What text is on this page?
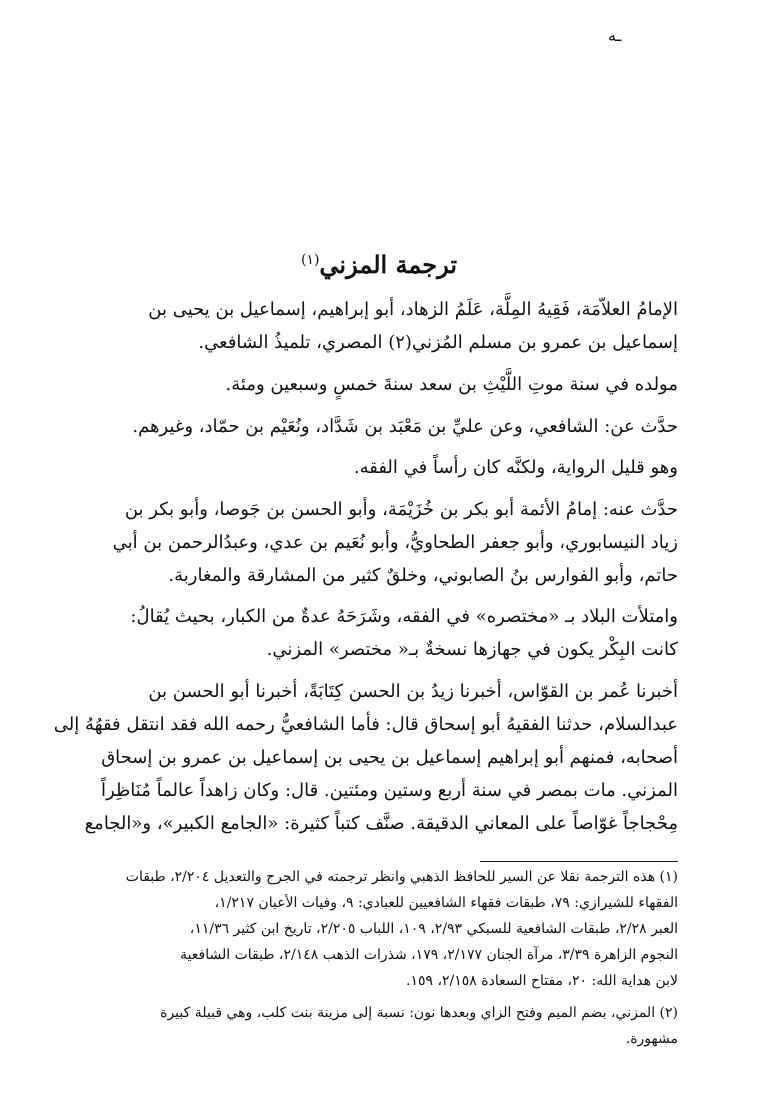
ـه
ترجمة المزني$^{(١)}$
الإمامُ العلاّمَة، فَقِيهُ المِلَّة، عَلَمُ الزهاد، أبو إبراهيم، إسماعيل بن يحيى بن
إسماعيل بن عمرو بن مسلم المُزني(٢) المصري، تلميذُ الشافعي.
مولده في سنة موتِ اللَّيْثِ بن سعد سنةَ خمسٍ وسبعين ومئة.
حدَّث عن: الشافعي، وعن عليِّ بن مَعْبَد بن شَدَّاد، ونُعَيْم بن حمّاد، وغيرهم.
وهو قليل الرواية، ولكنَّه كان رأساً في الفقه.
حدَّث عنه: إمامُ الأئمة أبو بكر بن خُزَيْمَة، وأبو الحسن بن جَوصا، وأبو بكر بن
زياد النيسابوري، وأبو جعفر الطحاويُّ، وأبو نُعَيم بن عدي، وعبدُالرحمن بن أبي
حاتم، وأبو الفوارس بنُ الصابوني، وخلقٌ كثير من المشارقة والمغاربة.
وامتلأت البلاد بـ «مختصره» في الفقه، وشَرَحَهُ عدةٌ من الكبار، بحيث يُقالُ:
كانت البِكْر يكون في جهازها نسخةٌ بـ« مختصر» المزني.
أخبرنا عُمر بن القوّاس، أخبرنا زيدُ بن الحسن كِتَابَةً، أخبرنا أبو الحسن بن
عبدالسلام، حدثنا الفقيهُ أبو إسحاق قال: فأما الشافعيُّ رحمه الله فقد انتقل فقهُهُ إلى
أصحابه، فمنهم أبو إبراهيم إسماعيل بن يحيى بن إسماعيل بن عمرو بن إسحاق
المزني. مات بمصر في سنة أربع وستين ومئتين. قال: وكان زاهداً عالماً مُنَاظِراً
مِحْجاجاً غوّاصاً على المعاني الدقيقة. صنَّف كتباً كثيرة: «الجامع الكبير»، و«الجامع
(١) هذه الترجمة نقلا عن السير للحافظ الذهبي وانظر ترجمته في الجرح والتعديل ٢/٢٠٤، طبقات
الفقهاء للشيرازي: ٧٩، طبقات فقهاء الشافعيين للعبادي: ٩، وفيات الأعيان ١/٢١٧،
العبر ٢/٢٨، طبقات الشافعية للسبكي ٢/٩٣، ١٠٩، اللباب ٢/٢٠٥، تاريخ ابن كثير ١١/٣٦،
النجوم الزاهرة ٣/٣٩، مرآة الجنان ٢/١٧٧، ١٧٩، شذرات الذهب ٢/١٤٨، طبقات الشافعية
لابن هداية الله: ٢٠، مفتاح السعادة ٢/١٥٨، ١٥٩.
(٢) المزني، بضم الميم وفتح الزاي وبعدها نون: نسبة إلى مزينة بنت كلب، وهي قبيلة كبيرة
مشهورة.
